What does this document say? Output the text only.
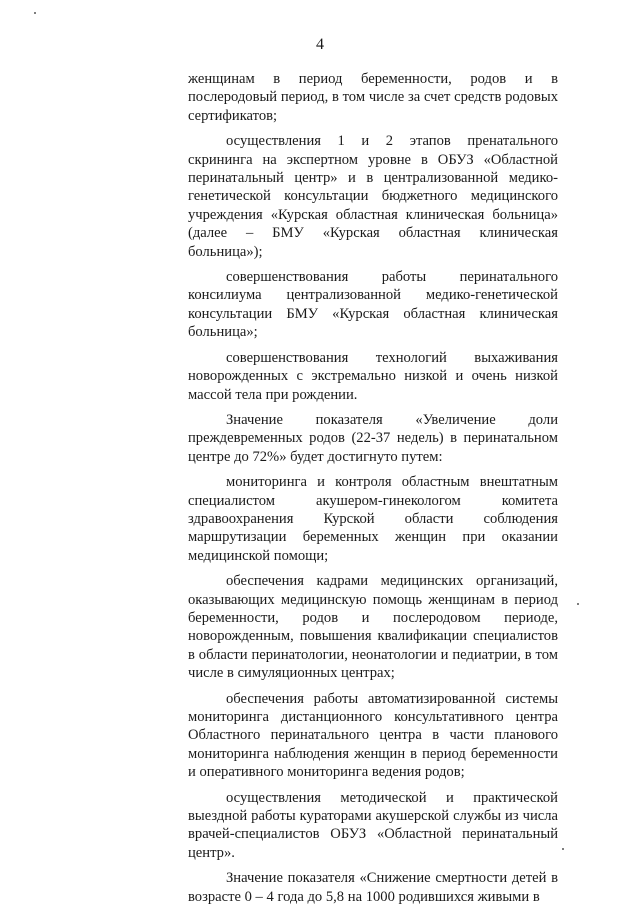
4

женщинам в период беременности, родов и в послеродовый период, в том числе за счет средств родовых сертификатов;

осуществления 1 и 2 этапов пренатального скрининга на экспертном уровне в ОБУЗ «Областной перинатальный центр» и в централизованной медико-генетической консультации бюджетного медицинского учреждения «Курская областная клиническая больница» (далее – БМУ «Курская областная клиническая больница»);

совершенствования работы перинатального консилиума централизованной медико-генетической консультации БМУ «Курская областная клиническая больница»;

совершенствования технологий выхаживания новорожденных с экстремально низкой и очень низкой массой тела при рождении.

Значение показателя «Увеличение доли преждевременных родов (22-37 недель) в перинатальном центре до 72%» будет достигнуто путем:

мониторинга и контроля областным внештатным специалистом акушером-гинекологом комитета здравоохранения Курской области соблюдения маршрутизации беременных женщин при оказании медицинской помощи;

обеспечения кадрами медицинских организаций, оказывающих медицинскую помощь женщинам в период беременности, родов и послеродовом периоде, новорожденным, повышения квалификации специалистов в области перинатологии, неонатологии и педиатрии, в том числе в симуляционных центрах;

обеспечения работы автоматизированной системы мониторинга дистанционного консультативного центра Областного перинатального центра в части планового мониторинга наблюдения женщин в период беременности и оперативного мониторинга ведения родов;

осуществления методической и практической выездной работы кураторами акушерской службы из числа врачей-специалистов ОБУЗ «Областной перинатальный центр».

Значение показателя «Снижение смертности детей в возрасте 0 – 4 года до 5,8 на 1000 родившихся живыми в
